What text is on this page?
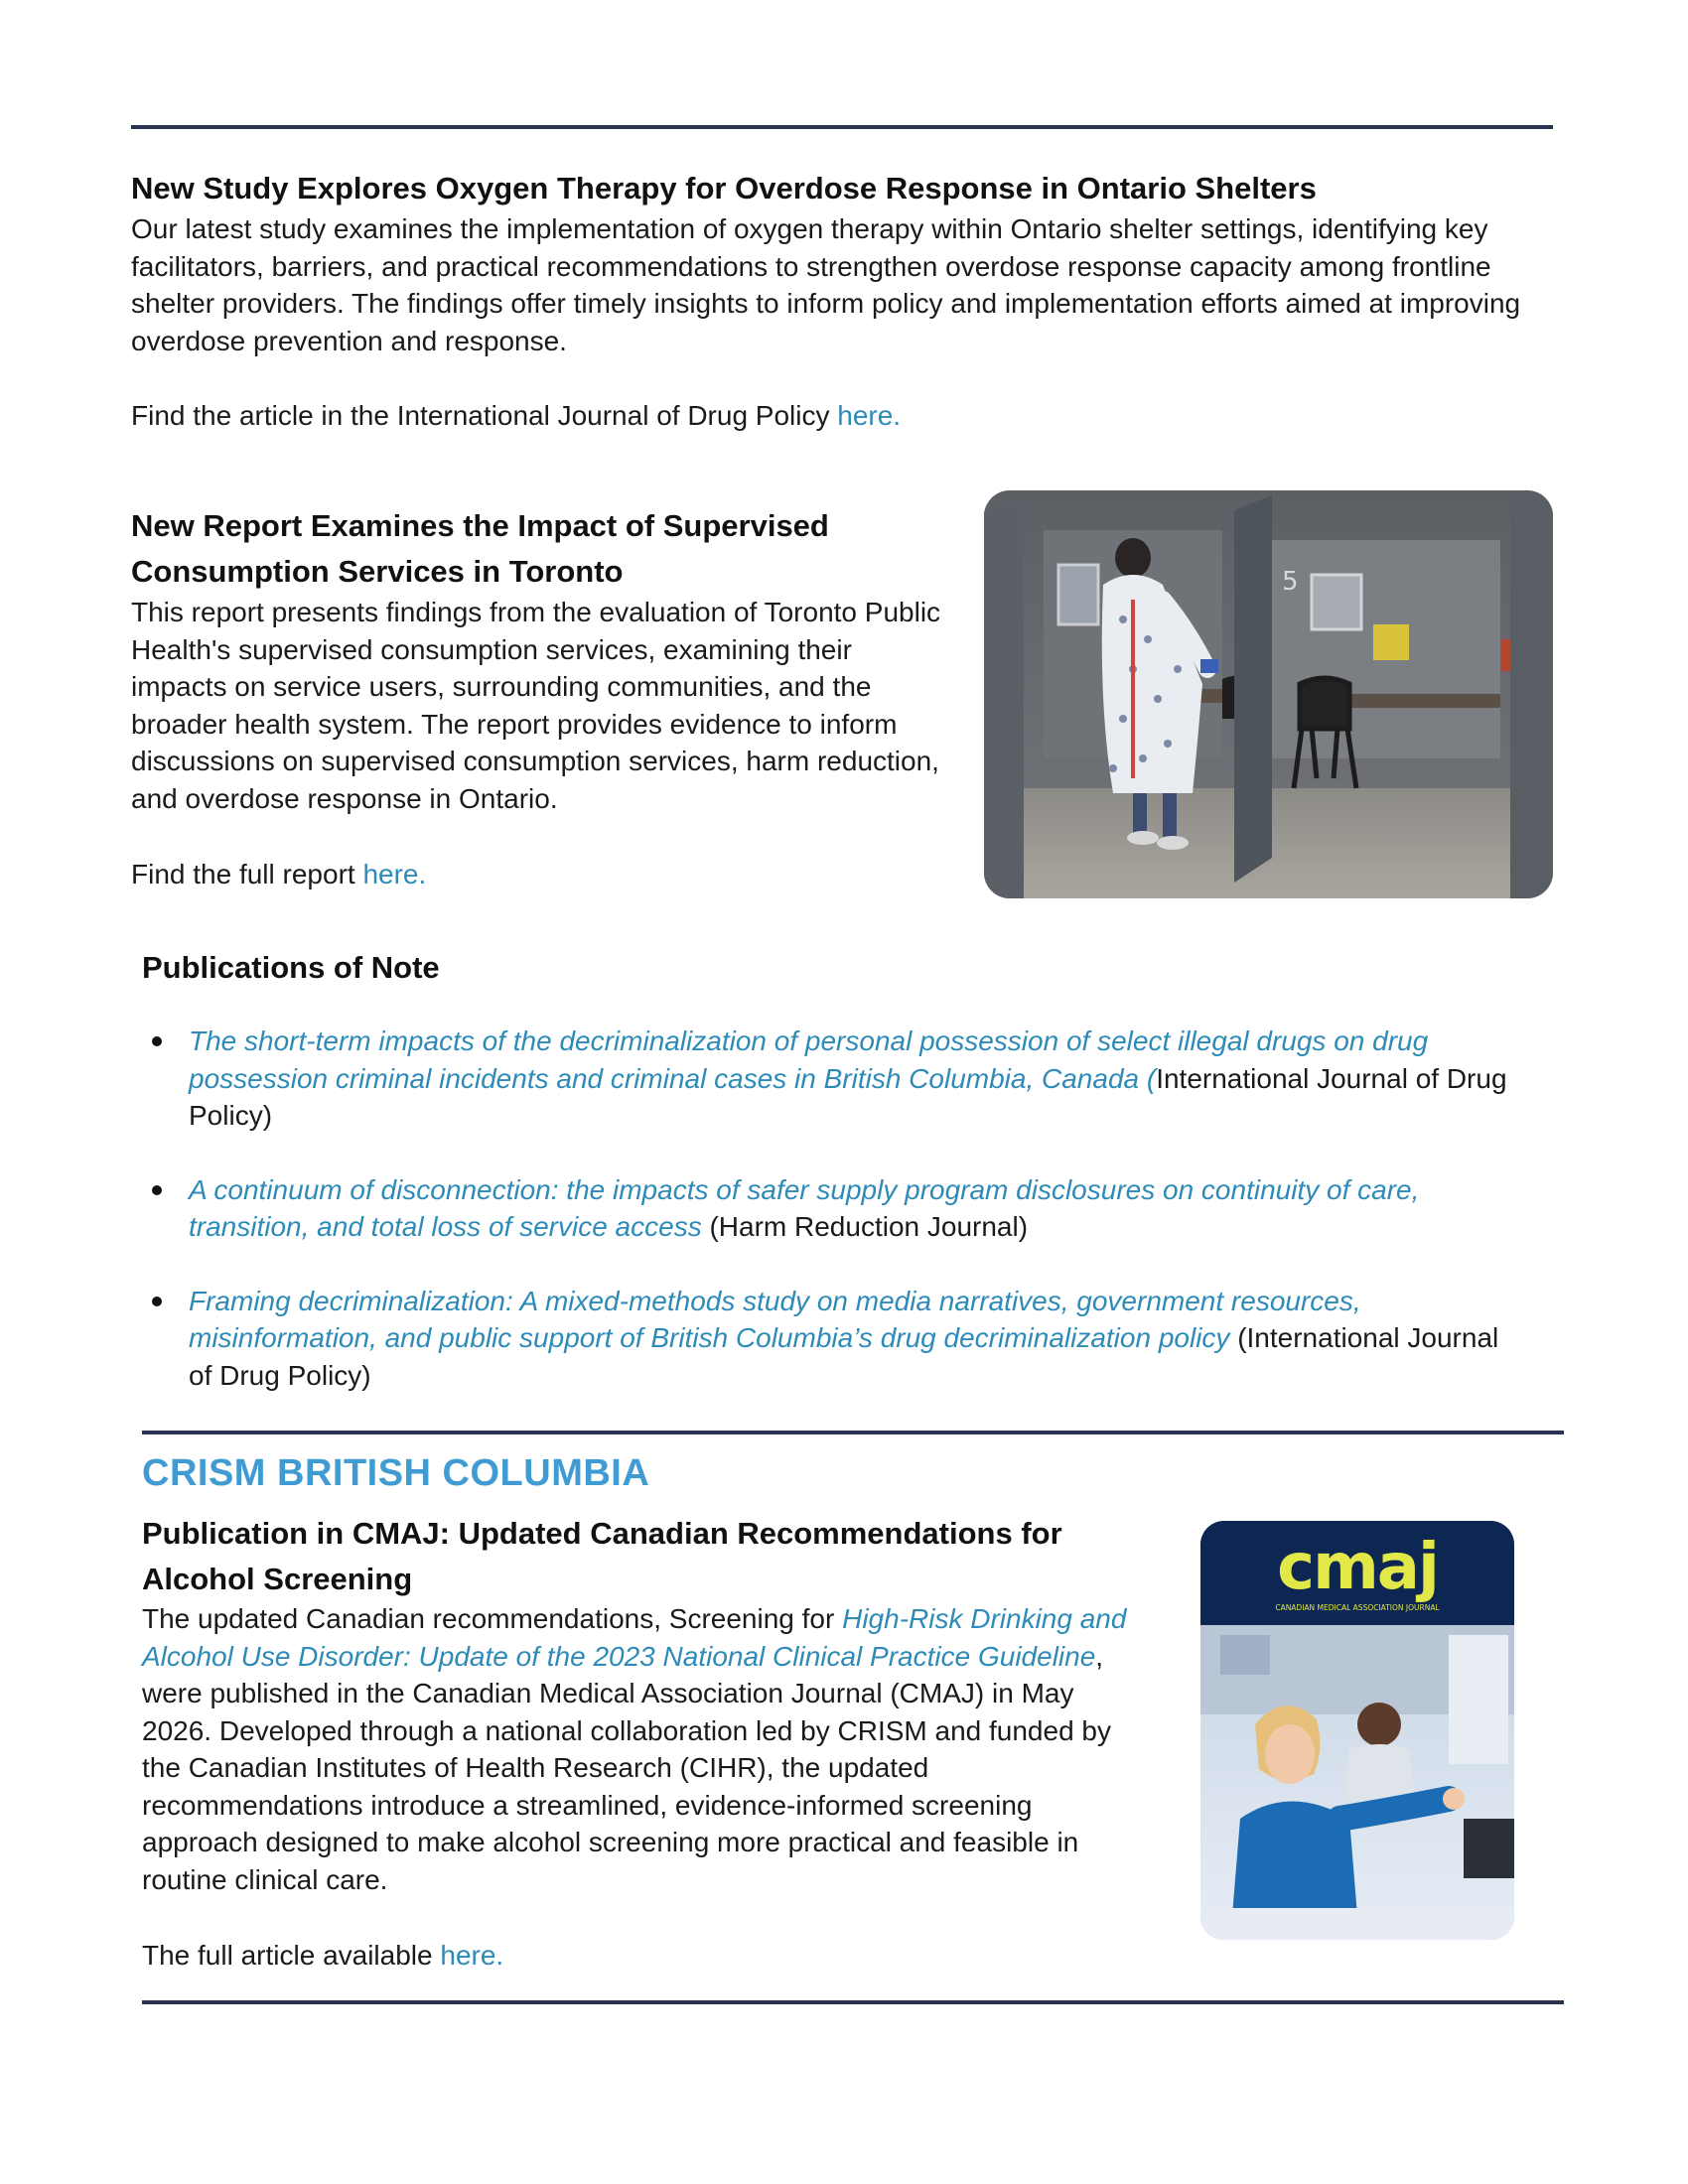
New Study Explores Oxygen Therapy for Overdose Response in Ontario Shelters

Our latest study examines the implementation of oxygen therapy within Ontario shelter settings, identifying key facilitators, barriers, and practical recommendations to strengthen overdose response capacity among frontline shelter providers. The findings offer timely insights to inform policy and implementation efforts aimed at improving overdose prevention and response.

Find the article in the International Journal of Drug Policy here.

New Report Examines the Impact of Supervised Consumption Services in Toronto

This report presents findings from the evaluation of Toronto Public Health's supervised consumption services, examining their impacts on service users, surrounding communities, and the broader health system. The report provides evidence to inform discussions on supervised consumption services, harm reduction, and overdose response in Ontario.

Find the full report here.

5
Publications of Note
The short-term impacts of the decriminalization of personal possession of select illegal drugs on drug possession criminal incidents and criminal cases in British Columbia, Canada (International Journal of Drug Policy)
A continuum of disconnection: the impacts of safer supply program disclosures on continuity of care, transition, and total loss of service access (Harm Reduction Journal)
Framing decriminalization: A mixed-methods study on media narratives, government resources, misinformation, and public support of British Columbia’s drug decriminalization policy (International Journal of Drug Policy)
CRISM BRITISH COLUMBIA
Publication in CMAJ: Updated Canadian Recommendations for Alcohol Screening

The updated Canadian recommendations, Screening for High-Risk Drinking and Alcohol Use Disorder: Update of the 2023 National Clinical Practice Guideline, were published in the Canadian Medical Association Journal (CMAJ) in May 2026. Developed through a national collaboration led by CRISM and funded by the Canadian Institutes of Health Research (CIHR), the updated recommendations introduce a streamlined, evidence-informed screening approach designed to make alcohol screening more practical and feasible in routine clinical care.

The full article available here.

cmaj
CANADIAN MEDICAL ASSOCIATION JOURNAL
